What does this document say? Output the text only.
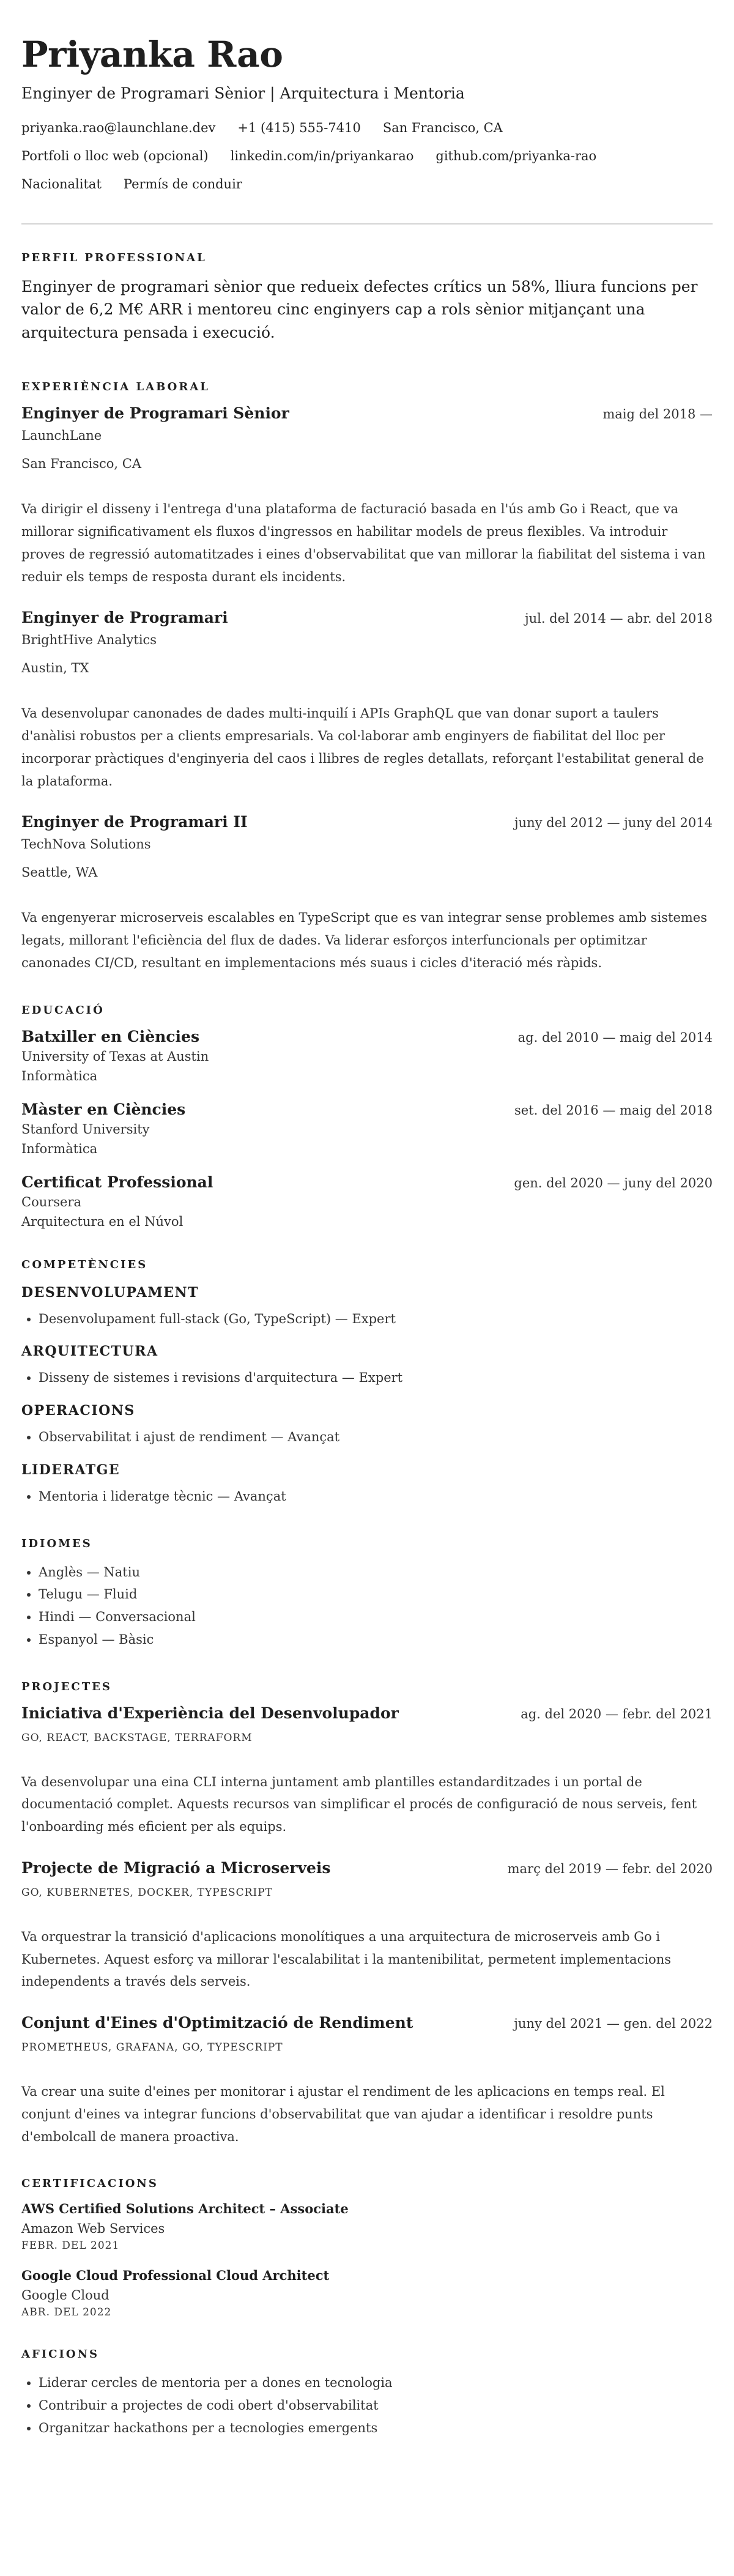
Priyanka Rao
Enginyer de Programari Sènior | Arquitectura i Mentoria
priyanka.rao@launchlane.dev +1 (415) 555-7410 San Francisco, CA
Portfoli o lloc web (opcional) linkedin.com/in/priyankarao github.com/priyanka-rao
Nacionalitat Permís de conduir
PERFIL PROFESSIONAL
Enginyer de programari sènior que redueix defectes crítics un 58%, lliura funcions per valor de 6,2 M€ ARR i mentoreu cinc enginyers cap a rols sènior mitjançant una arquitectura pensada i execució.
EXPERIÈNCIA LABORAL
Enginyer de Programari Sènior	maig del 2018 —
LaunchLane
San Francisco, CA
Va dirigir el disseny i l'entrega d'una plataforma de facturació basada en l'ús amb Go i React, que va millorar significativament els fluxos d'ingressos en habilitar models de preus flexibles. Va introduir proves de regressió automatitzades i eines d'observabilitat que van millorar la fiabilitat del sistema i van reduir els temps de resposta durant els incidents.
Enginyer de Programari	jul. del 2014 — abr. del 2018
BrightHive Analytics
Austin, TX
Va desenvolupar canonades de dades multi-inquilí i APIs GraphQL que van donar suport a taulers d'anàlisi robustos per a clients empresarials. Va col·laborar amb enginyers de fiabilitat del lloc per incorporar pràctiques d'enginyeria del caos i llibres de regles detallats, reforçant l'estabilitat general de la plataforma.
Enginyer de Programari II	juny del 2012 — juny del 2014
TechNova Solutions
Seattle, WA
Va engenyerar microserveis escalables en TypeScript que es van integrar sense problemes amb sistemes legats, millorant l'eficiència del flux de dades. Va liderar esforços interfuncionals per optimitzar canonades CI/CD, resultant en implementacions més suaus i cicles d'iteració més ràpids.
EDUCACIÓ
Batxiller en Ciències	ag. del 2010 — maig del 2014
University of Texas at Austin
Informàtica
Màster en Ciències	set. del 2016 — maig del 2018
Stanford University
Informàtica
Certificat Professional	gen. del 2020 — juny del 2020
Coursera
Arquitectura en el Núvol
COMPETÈNCIES
DESENVOLUPAMENT
• Desenvolupament full-stack (Go, TypeScript) — Expert
ARQUITECTURA
• Disseny de sistemes i revisions d'arquitectura — Expert
OPERACIONS
• Observabilitat i ajust de rendiment — Avançat
LIDERATGE
• Mentoria i lideratge tècnic — Avançat
IDIOMES
• Anglès — Natiu
• Telugu — Fluid
• Hindi — Conversacional
• Espanyol — Bàsic
PROJECTES
Iniciativa d'Experiència del Desenvolupador	ag. del 2020 — febr. del 2021
GO, REACT, BACKSTAGE, TERRAFORM
Va desenvolupar una eina CLI interna juntament amb plantilles estandarditzades i un portal de documentació complet. Aquests recursos van simplificar el procés de configuració de nous serveis, fent l'onboarding més eficient per als equips.
Projecte de Migració a Microserveis	març del 2019 — febr. del 2020
GO, KUBERNETES, DOCKER, TYPESCRIPT
Va orquestrar la transició d'aplicacions monolítiques a una arquitectura de microserveis amb Go i Kubernetes. Aquest esforç va millorar l'escalabilitat i la mantenibilitat, permetent implementacions independents a través dels serveis.
Conjunt d'Eines d'Optimització de Rendiment	juny del 2021 — gen. del 2022
PROMETHEUS, GRAFANA, GO, TYPESCRIPT
Va crear una suite d'eines per monitorar i ajustar el rendiment de les aplicacions en temps real. El conjunt d'eines va integrar funcions d'observabilitat que van ajudar a identificar i resoldre punts d'embolcall de manera proactiva.
CERTIFICACIONS
AWS Certified Solutions Architect – Associate
Amazon Web Services
FEBR. DEL 2021
Google Cloud Professional Cloud Architect
Google Cloud
ABR. DEL 2022
AFICIONS
• Liderar cercles de mentoria per a dones en tecnologia
• Contribuir a projectes de codi obert d'observabilitat
• Organitzar hackathons per a tecnologies emergents
